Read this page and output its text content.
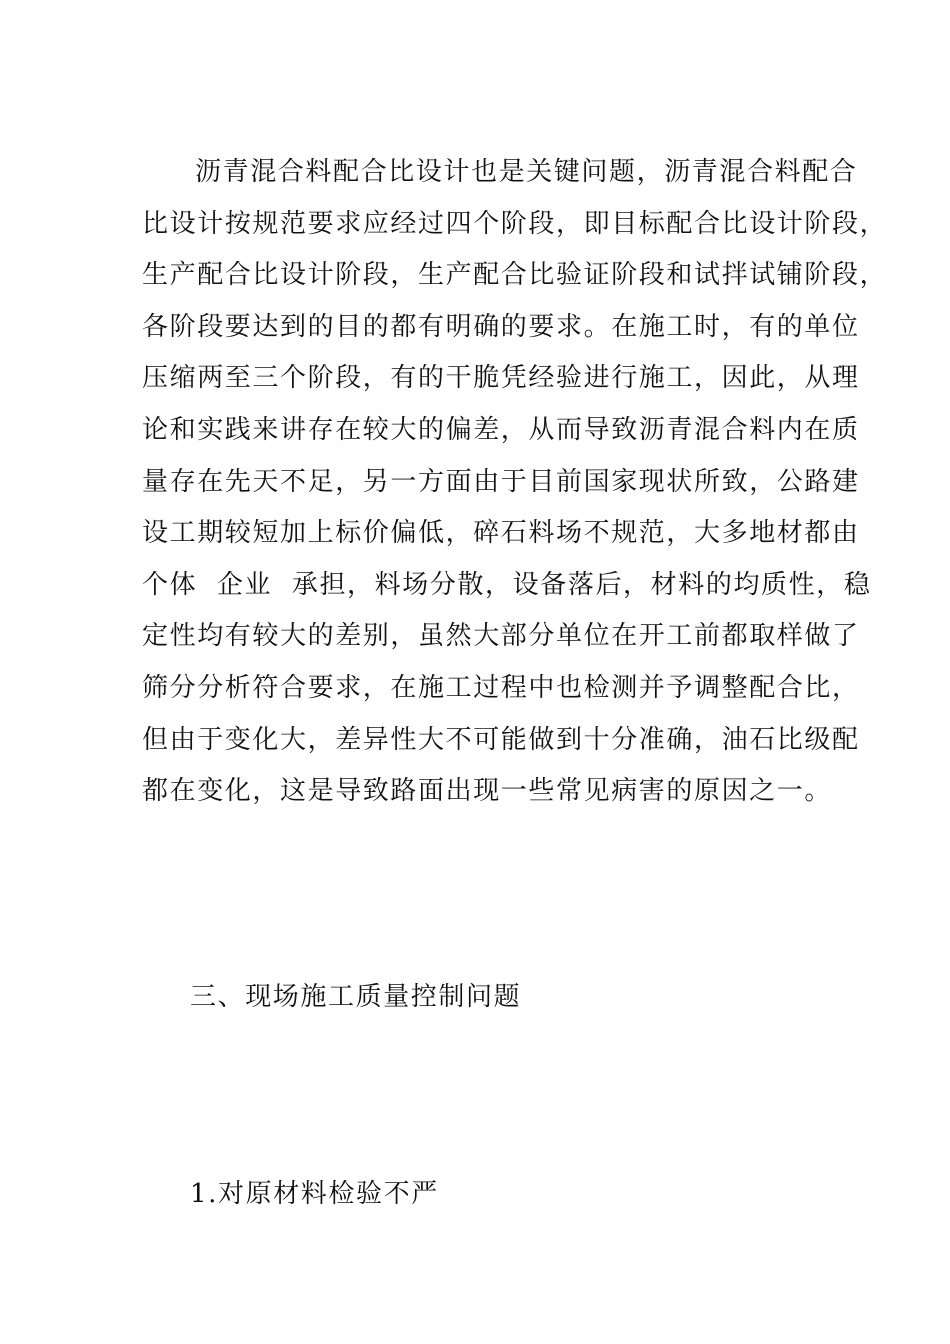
沥青混合料配合比设计也是关键问题，沥青混合料配合
比设计按规范要求应经过四个阶段，即目标配合比设计阶段，
生产配合比设计阶段，生产配合比验证阶段和试拌试铺阶段，
各阶段要达到的目的都有明确的要求。在施工时，有的单位
压缩两至三个阶段，有的干脆凭经验进行施工，因此，从理
论和实践来讲存在较大的偏差，从而导致沥青混合料内在质
量存在先天不足，另一方面由于目前国家现状所致，公路建
设工期较短加上标价偏低，碎石料场不规范，大多地材都由
个体  企业  承担，料场分散，设备落后，材料的均质性，稳
定性均有较大的差别，虽然大部分单位在开工前都取样做了
筛分分析符合要求，在施工过程中也检测并予调整配合比，
但由于变化大，差异性大不可能做到十分准确，油石比级配
都在变化，这是导致路面出现一些常见病害的原因之一。

三、现场施工质量控制问题

1.对原材料检验不严
